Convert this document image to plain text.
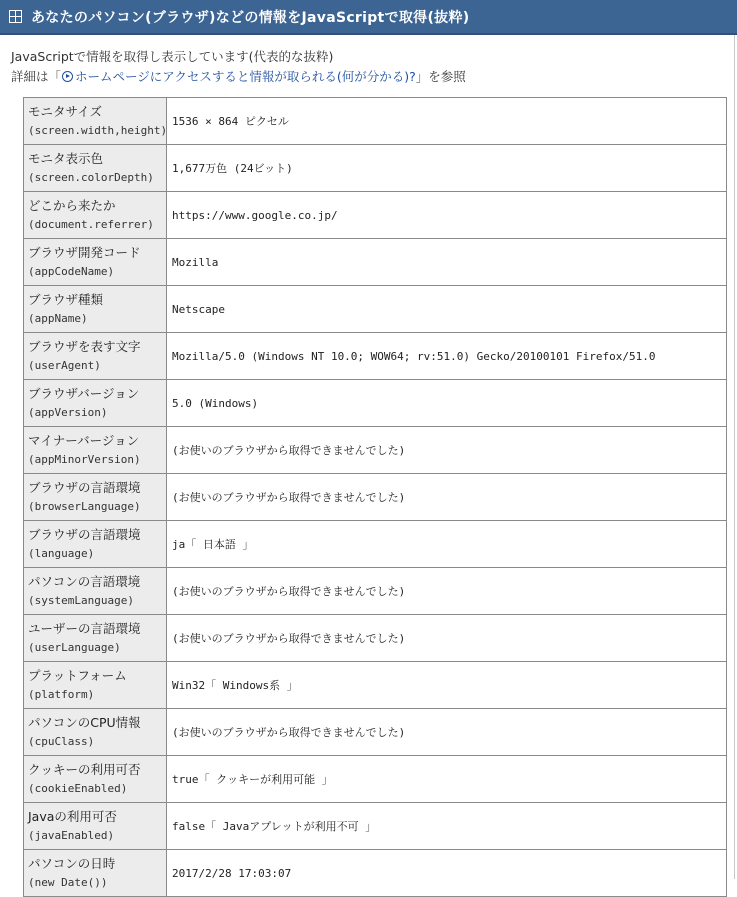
あなたのパソコン(ブラウザ)などの情報をJavaScriptで取得(抜粋)
JavaScriptで情報を取得し表示しています(代表的な抜粋)
詳細は「 ホームページにアクセスすると情報が取られる(何が分かる)?」を参照
モニタサイズ
(screen.width,height)	1536 × 864 ピクセル

モニタ表示色
(screen.colorDepth)	1,677万色 (24ビット)

どこから来たか
(document.referrer)	https://www.google.co.jp/

ブラウザ開発コード
(appCodeName)	Mozilla

ブラウザ種類
(appName)	Netscape

ブラウザを表す文字
(userAgent)	Mozilla/5.0 (Windows NT 10.0; WOW64; rv:51.0) Gecko/20100101 Firefox/51.0

ブラウザバージョン
(appVersion)	5.0 (Windows)

マイナーバージョン
(appMinorVersion)	(お使いのブラウザから取得できませんでした)

ブラウザの言語環境
(browserLanguage)	(お使いのブラウザから取得できませんでした)

ブラウザの言語環境
(language)	ja「 日本語 」

パソコンの言語環境
(systemLanguage)	(お使いのブラウザから取得できませんでした)

ユーザーの言語環境
(userLanguage)	(お使いのブラウザから取得できませんでした)

プラットフォーム
(platform)	Win32「 Windows系 」

パソコンのCPU情報
(cpuClass)	(お使いのブラウザから取得できませんでした)

クッキーの利用可否
(cookieEnabled)	true「 クッキーが利用可能 」

Javaの利用可否
(javaEnabled)	false「 Javaアプレットが利用不可 」

パソコンの日時
(new Date())	2017/2/28 17:03:07
